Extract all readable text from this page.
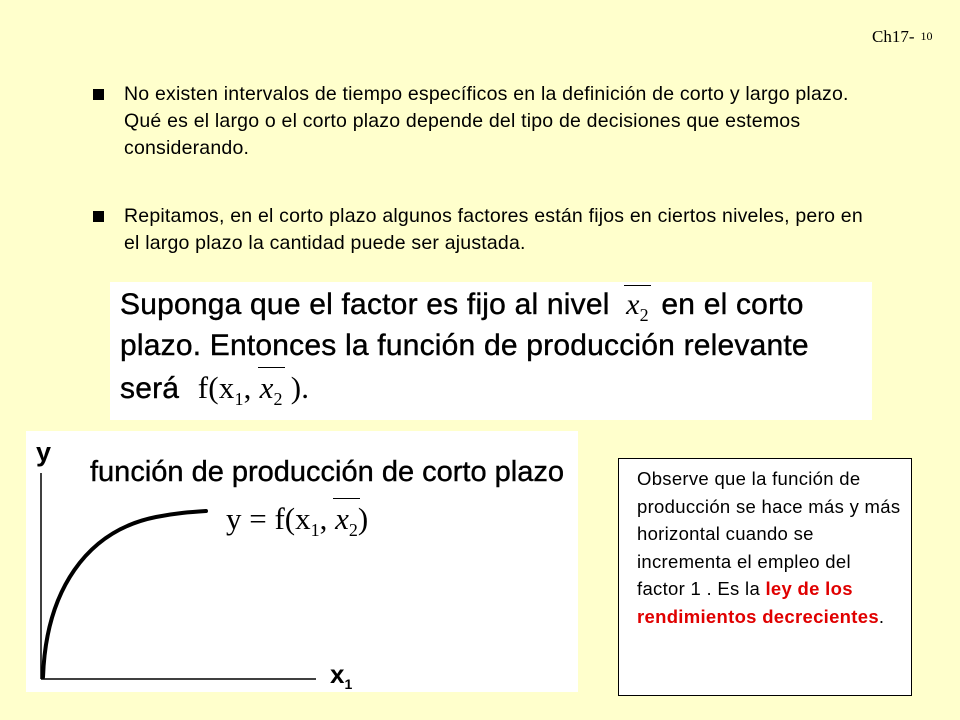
Ch17- 10
No existen intervalos de tiempo específicos en la definición de corto y largo plazo. Qué es el largo o el corto plazo depende del tipo de decisiones que estemos considerando.
Repitamos, en el corto plazo algunos factores están fijos en ciertos niveles, pero en el largo plazo la cantidad puede ser ajustada.
Suponga que el factor es fijo al nivel $x_2$ en el corto
plazo. Entonces la función de producción relevante
será $f(x_1$,
$x_2$ ).
y
función de producción de corto plazo
$y = f(x_1$,
$x_2$)
$x_1$
Observe que la función de producción se hace más y más horizontal cuando se incrementa el empleo del factor 1 . Es la ley de los rendimientos decrecientes.
